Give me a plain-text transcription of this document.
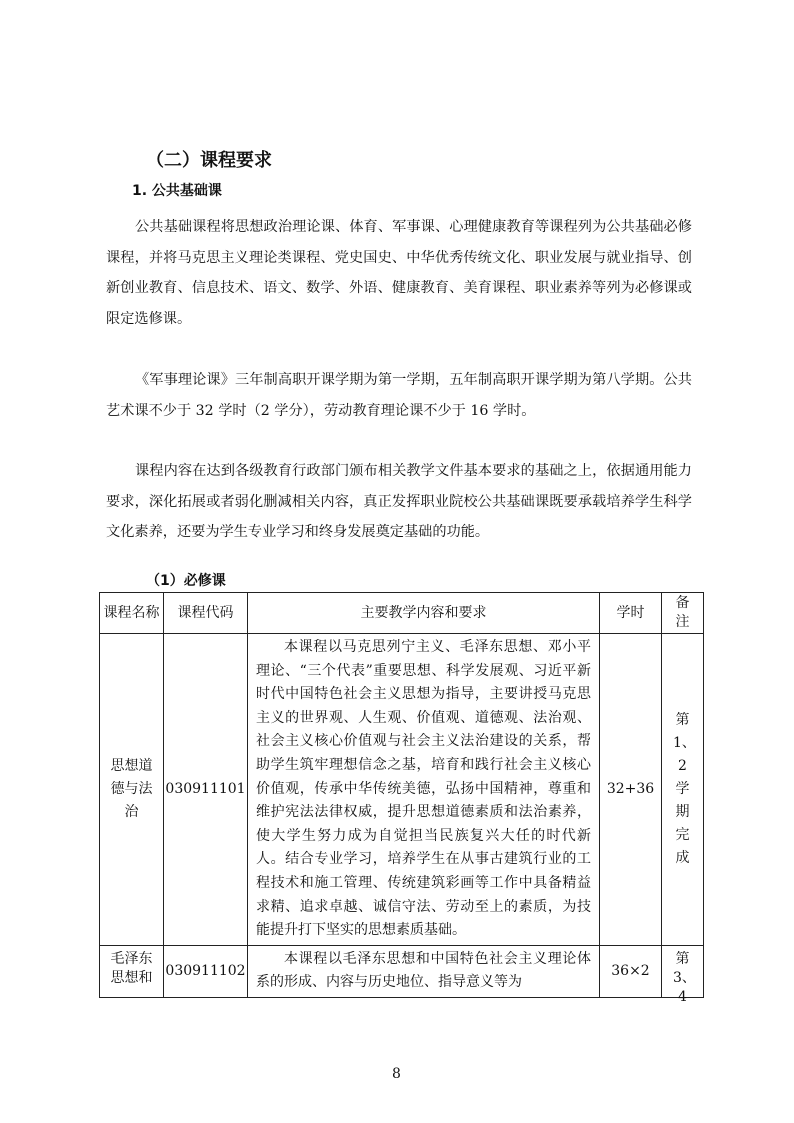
（二）课程要求
1. 公共基础课
公共基础课程将思想政治理论课、体育、军事课、心理健康教育等课程列为公共基础必修课程，并将马克思主义理论类课程、党史国史、中华优秀传统文化、职业发展与就业指导、创新创业教育、信息技术、语文、数学、外语、健康教育、美育课程、职业素养等列为必修课或限定选修课。
《军事理论课》三年制高职开课学期为第一学期，五年制高职开课学期为第八学期。公共艺术课不少于 32 学时（2 学分），劳动教育理论课不少于 16 学时。
课程内容在达到各级教育行政部门颁布相关教学文件基本要求的基础之上，依据通用能力要求，深化拓展或者弱化删减相关内容，真正发挥职业院校公共基础课既要承载培养学生科学文化素养，还要为学生专业学习和终身发展奠定基础的功能。
（1）必修课
课程名称	课程代码	主要教学内容和要求	学时	备注
思想道德与法治	030911101	本课程以马克思列宁主义、毛泽东思想、邓小平理论、“三个代表”重要思想、科学发展观、习近平新时代中国特色社会主义思想为指导，主要讲授马克思主义的世界观、人生观、价值观、道德观、法治观、社会主义核心价值观与社会主义法治建设的关系，帮助学生筑牢理想信念之基，培育和践行社会主义核心价值观，传承中华传统美德，弘扬中国精神，尊重和维护宪法法律权威，提升思想道德素质和法治素养，使大学生努力成为自觉担当民族复兴大任的时代新人。结合专业学习，培养学生在从事古建筑行业的工程技术和施工管理、传统建筑彩画等工作中具备精益求精、追求卓越、诚信守法、劳动至上的素质，为技能提升打下坚实的思想素质基础。	32+36	第1、2学期完成

毛泽东思想和	030911102	本课程以毛泽东思想和中国特色社会主义理论体系的形成、内容与历史地位、指导意义等为	36×2	第3、4
8
